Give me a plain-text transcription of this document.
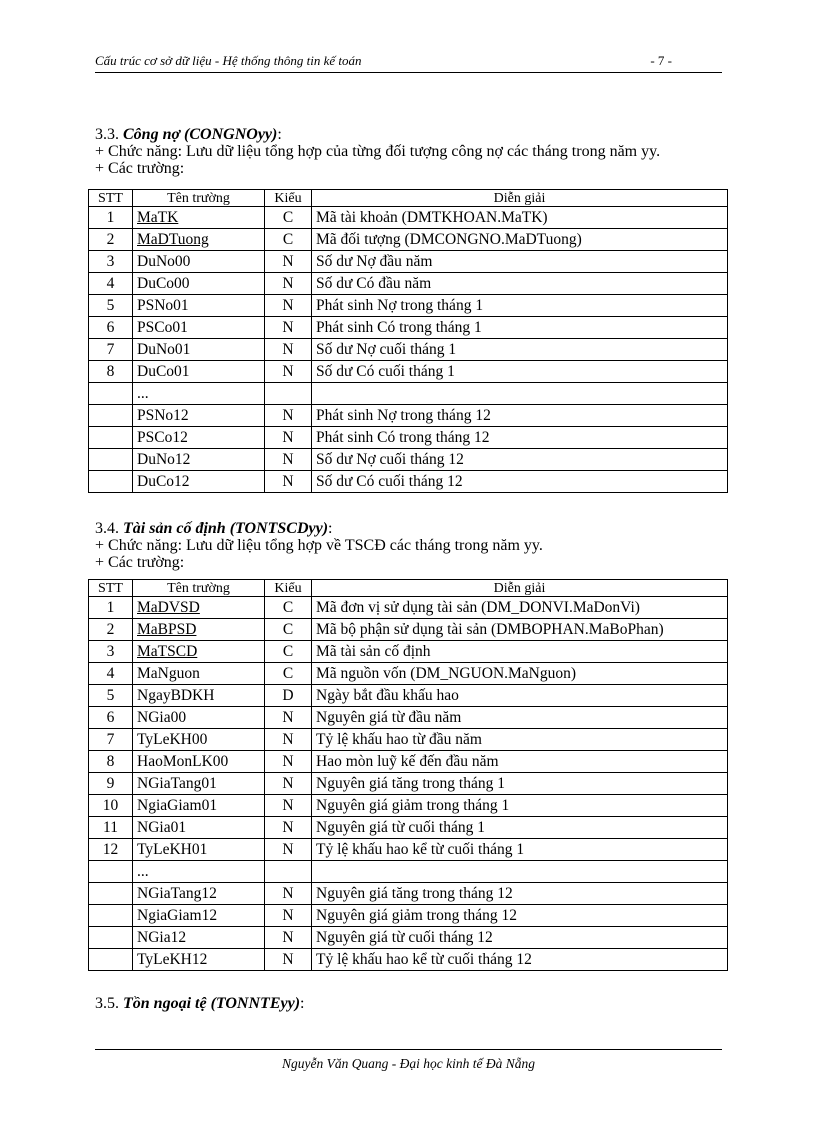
Cấu trúc cơ sở dữ liệu - Hệ thống thông tin kế toán	- 7 -

3.3. Công nợ (CONGNOyy):

+ Chức năng: Lưu dữ liệu tổng hợp của từng đối tượng công nợ các tháng trong năm yy.

+ Các trường:

STT	Tên trường	Kiểu	Diễn giải
1	MaTK	C	Mã tài khoản (DMTKHOAN.MaTK)
2	MaDTuong	C	Mã đối tượng (DMCONGNO.MaDTuong)
3	DuNo00	N	Số dư Nợ đầu năm
4	DuCo00	N	Số dư Có đầu năm
5	PSNo01	N	Phát sinh Nợ trong tháng 1
6	PSCo01	N	Phát sinh Có trong tháng 1
7	DuNo01	N	Số dư Nợ cuối tháng 1
8	DuCo01	N	Số dư Có cuối tháng 1
	...		
	PSNo12	N	Phát sinh Nợ trong tháng 12
	PSCo12	N	Phát sinh Có trong tháng 12
	DuNo12	N	Số dư Nợ cuối tháng 12
	DuCo12	N	Số dư Có cuối tháng 12

3.4. Tài sản cố định (TONTSCDyy):

+ Chức năng: Lưu dữ liệu tổng hợp về TSCĐ các tháng trong năm yy.

+ Các trường:

STT	Tên trường	Kiểu	Diễn giải
1	MaDVSD	C	Mã đơn vị sử dụng tài sản (DM_DONVI.MaDonVi)
2	MaBPSD	C	Mã bộ phận sử dụng tài sản (DMBOPHAN.MaBoPhan)
3	MaTSCD	C	Mã tài sản cố định
4	MaNguon	C	Mã nguồn vốn (DM_NGUON.MaNguon)
5	NgayBDKH	D	Ngày bắt đầu khấu hao
6	NGia00	N	Nguyên giá từ đầu năm
7	TyLeKH00	N	Tỷ lệ khấu hao từ đầu năm
8	HaoMonLK00	N	Hao mòn luỹ kế đến đầu năm
9	NGiaTang01	N	Nguyên giá tăng trong tháng 1
10	NgiaGiam01	N	Nguyên giá giảm trong tháng 1
11	NGia01	N	Nguyên giá từ cuối tháng 1
12	TyLeKH01	N	Tỷ lệ khấu hao kể từ cuối tháng 1
	...		
	NGiaTang12	N	Nguyên giá tăng trong tháng 12
	NgiaGiam12	N	Nguyên giá giảm trong tháng 12
	NGia12	N	Nguyên giá từ cuối tháng 12
	TyLeKH12	N	Tỷ lệ khấu hao kể từ cuối tháng 12

3.5. Tồn ngoại tệ (TONNTEyy):

Nguyễn Văn Quang - Đại học kinh tế Đà Nẵng
